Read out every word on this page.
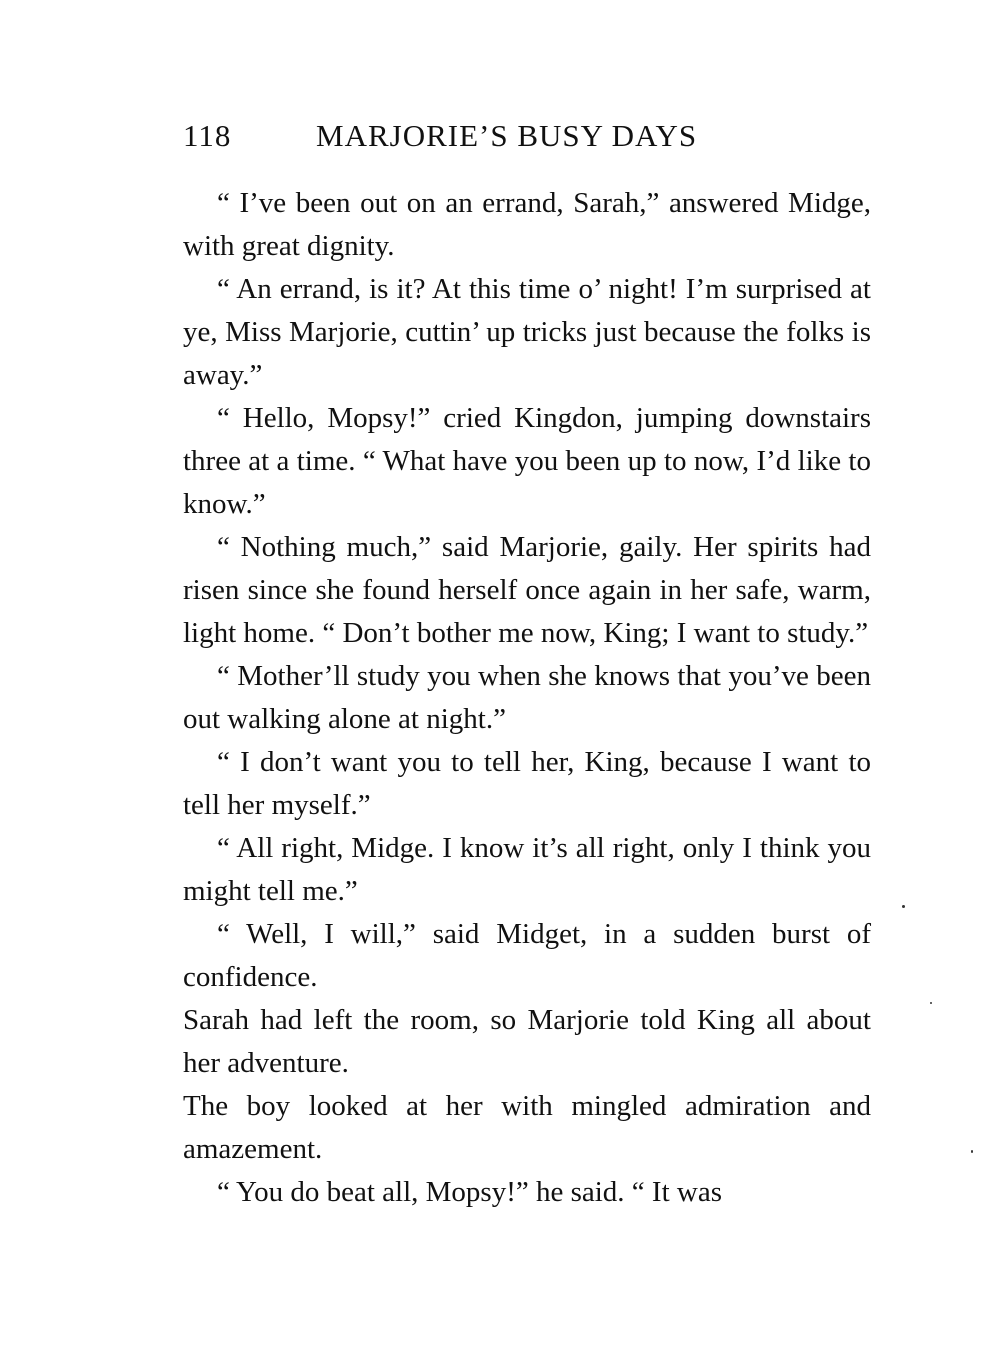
118	MARJORIE’S BUSY DAYS

“ I’ve been out on an errand, Sarah,” answered Midge, with great dignity.

“ An errand, is it? At this time o’ night! I’m surprised at ye, Miss Marjorie, cuttin’ up tricks just because the folks is away.”

“ Hello, Mopsy!” cried Kingdon, jumping downstairs three at a time. “ What have you been up to now, I’d like to know.”

“ Nothing much,” said Marjorie, gaily. Her spirits had risen since she found herself once again in her safe, warm, light home. “ Don’t bother me now, King; I want to study.”

“ Mother’ll study you when she knows that you’ve been out walking alone at night.”

“ I don’t want you to tell her, King, because I want to tell her myself.”

“ All right, Midge. I know it’s all right, only I think you might tell me.”

“ Well, I will,” said Midget, in a sudden burst of confidence.

Sarah had left the room, so Marjorie told King all about her adventure.

The boy looked at her with mingled admiration and amazement.

“ You do beat all, Mopsy!” he said. “ It was
